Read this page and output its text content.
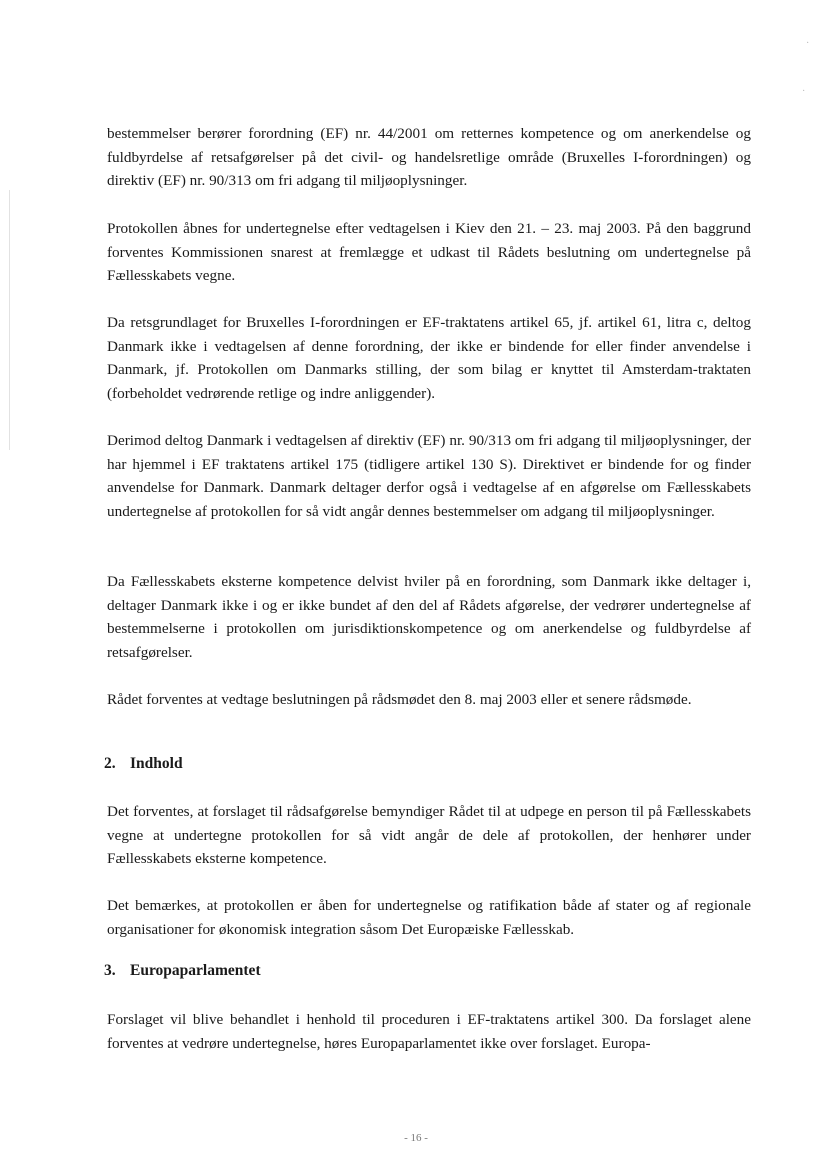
·
·

bestemmelser berører forordning (EF) nr. 44/2001 om retternes kompetence og om anerkendelse og fuldbyrdelse af retsafgørelser på det civil- og handelsretlige område (Bruxelles I-forordningen) og direktiv (EF) nr. 90/313 om fri adgang til miljøoplysninger.

Protokollen åbnes for undertegnelse efter vedtagelsen i Kiev den 21. – 23. maj 2003. På den baggrund forventes Kommissionen snarest at fremlægge et udkast til Rådets beslutning om undertegnelse på Fællesskabets vegne.

Da retsgrundlaget for Bruxelles I-forordningen er EF-traktatens artikel 65, jf. artikel 61, litra c, deltog Danmark ikke i vedtagelsen af denne forordning, der ikke er bindende for eller finder anvendelse i Danmark, jf. Protokollen om Danmarks stilling, der som bilag er knyttet til Amsterdam-traktaten (forbeholdet vedrørende retlige og indre anliggender).

Derimod deltog Danmark i vedtagelsen af direktiv (EF) nr. 90/313 om fri adgang til miljøoplysninger, der har hjemmel i EF traktatens artikel 175 (tidligere artikel 130 S). Direktivet er bindende for og finder anvendelse for Danmark. Danmark deltager derfor også i vedtagelse af en afgørelse om Fællesskabets undertegnelse af protokollen for så vidt angår dennes bestemmelser om adgang til miljøoplysninger.

Da Fællesskabets eksterne kompetence delvist hviler på en forordning, som Danmark ikke deltager i, deltager Danmark ikke i og er ikke bundet af den del af Rådets afgørelse, der vedrører undertegnelse af bestemmelserne i protokollen om jurisdiktionskompetence og om anerkendelse og fuldbyrdelse af retsafgørelser.

Rådet forventes at vedtage beslutningen på rådsmødet den 8. maj 2003 eller et senere rådsmøde.

2. Indhold

Det forventes, at forslaget til rådsafgørelse bemyndiger Rådet til at udpege en person til på Fællesskabets vegne at undertegne protokollen for så vidt angår de dele af protokollen, der henhører under Fællesskabets eksterne kompetence.

Det bemærkes, at protokollen er åben for undertegnelse og ratifikation både af stater og af regionale organisationer for økonomisk integration såsom Det Europæiske Fællesskab.

3. Europaparlamentet

Forslaget vil blive behandlet i henhold til proceduren i EF-traktatens artikel 300. Da forslaget alene forventes at vedrøre undertegnelse, høres Europaparlamentet ikke over forslaget. Europa-

- 16 -
